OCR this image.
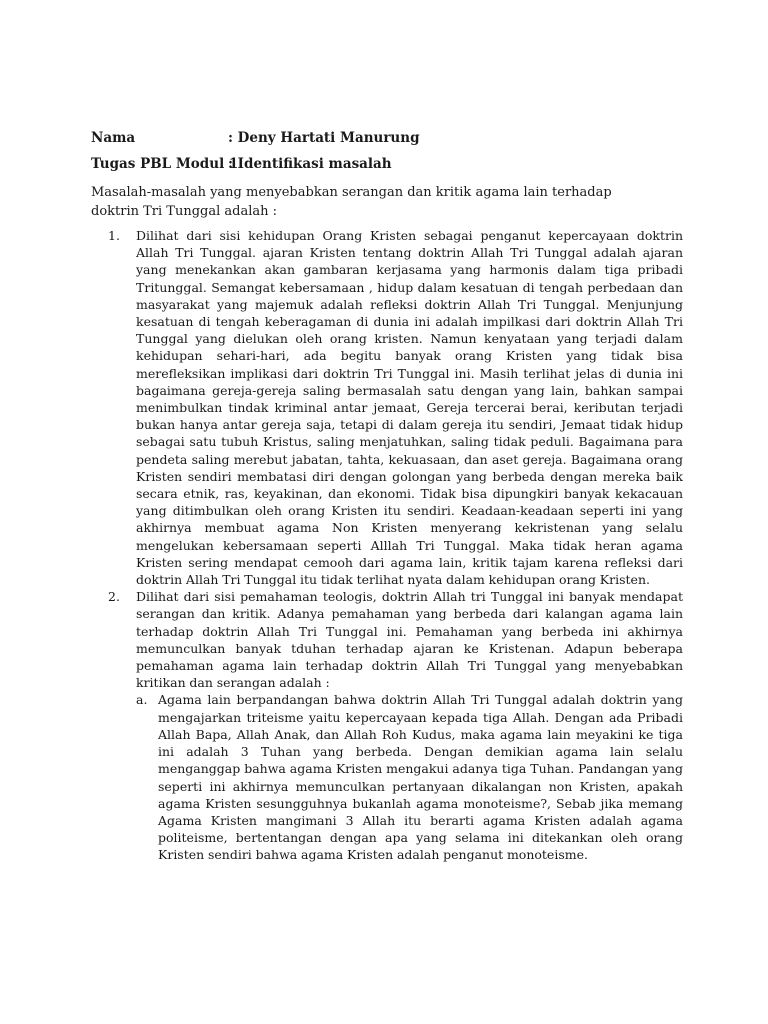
Nama	: Deny Hartati Manurung
Tugas PBL Modul 1
: Identifikasi masalah

Masalah-masalah yang menyebabkan serangan dan kritik agama lain terhadap doktrin Tri Tunggal adalah :

1. Dilihat dari sisi kehidupan Orang Kristen sebagai penganut kepercayaan doktrin Allah Tri Tunggal. ajaran Kristen tentang doktrin Allah Tri Tunggal adalah ajaran yang menekankan akan gambaran kerjasama yang harmonis dalam tiga pribadi Tritunggal. Semangat kebersamaan , hidup dalam kesatuan di tengah perbedaan dan masyarakat yang majemuk adalah refleksi doktrin Allah Tri Tunggal. Menjunjung kesatuan di tengah keberagaman di dunia ini adalah impilkasi dari doktrin Allah Tri Tunggal yang dielukan oleh orang kristen. Namun kenyataan yang terjadi dalam kehidupan sehari-hari, ada begitu banyak orang Kristen yang tidak bisa merefleksikan implikasi dari doktrin Tri Tunggal ini. Masih terlihat jelas di dunia ini bagaimana gereja-gereja saling bermasalah satu dengan yang lain, bahkan sampai menimbulkan tindak kriminal antar jemaat, Gereja tercerai berai, keributan terjadi bukan hanya antar gereja saja, tetapi di dalam gereja itu sendiri, Jemaat tidak hidup sebagai satu tubuh Kristus, saling menjatuhkan, saling tidak peduli. Bagaimana para pendeta saling merebut jabatan, tahta, kekuasaan, dan aset gereja. Bagaimana orang Kristen sendiri membatasi diri dengan golongan yang berbeda dengan mereka baik secara etnik, ras, keyakinan, dan ekonomi. Tidak bisa dipungkiri banyak kekacauan yang ditimbulkan oleh orang Kristen itu sendiri. Keadaan-keadaan seperti ini yang akhirnya membuat agama Non Kristen menyerang kekristenan yang selalu mengelukan kebersamaan seperti Alllah Tri Tunggal. Maka tidak heran agama Kristen sering mendapat cemooh dari agama lain, kritik tajam karena refleksi dari doktrin Allah Tri Tunggal itu tidak terlihat nyata dalam kehidupan orang Kristen.

2. Dilihat dari sisi pemahaman teologis, doktrin Allah tri Tunggal ini banyak mendapat serangan dan kritik. Adanya pemahaman yang berbeda dari kalangan agama lain terhadap doktrin Allah Tri Tunggal ini. Pemahaman yang berbeda ini akhirnya memunculkan banyak tduhan terhadap ajaran ke Kristenan. Adapun beberapa pemahaman agama lain terhadap doktrin Allah Tri Tunggal yang menyebabkan kritikan dan serangan adalah :

a. Agama lain berpandangan bahwa doktrin Allah Tri Tunggal adalah doktrin yang mengajarkan triteisme yaitu kepercayaan kepada tiga Allah. Dengan ada Pribadi Allah Bapa, Allah Anak, dan Allah Roh Kudus, maka agama lain meyakini ke tiga ini adalah 3 Tuhan yang berbeda. Dengan demikian agama lain selalu menganggap bahwa agama Kristen mengakui adanya tiga Tuhan. Pandangan yang seperti ini akhirnya memunculkan pertanyaan dikalangan non Kristen, apakah agama Kristen sesungguhnya bukanlah agama monoteisme?, Sebab jika memang Agama Kristen mangimani 3 Allah itu berarti agama Kristen adalah agama politeisme, bertentangan dengan apa yang selama ini ditekankan oleh orang Kristen sendiri bahwa agama Kristen adalah penganut monoteisme.
